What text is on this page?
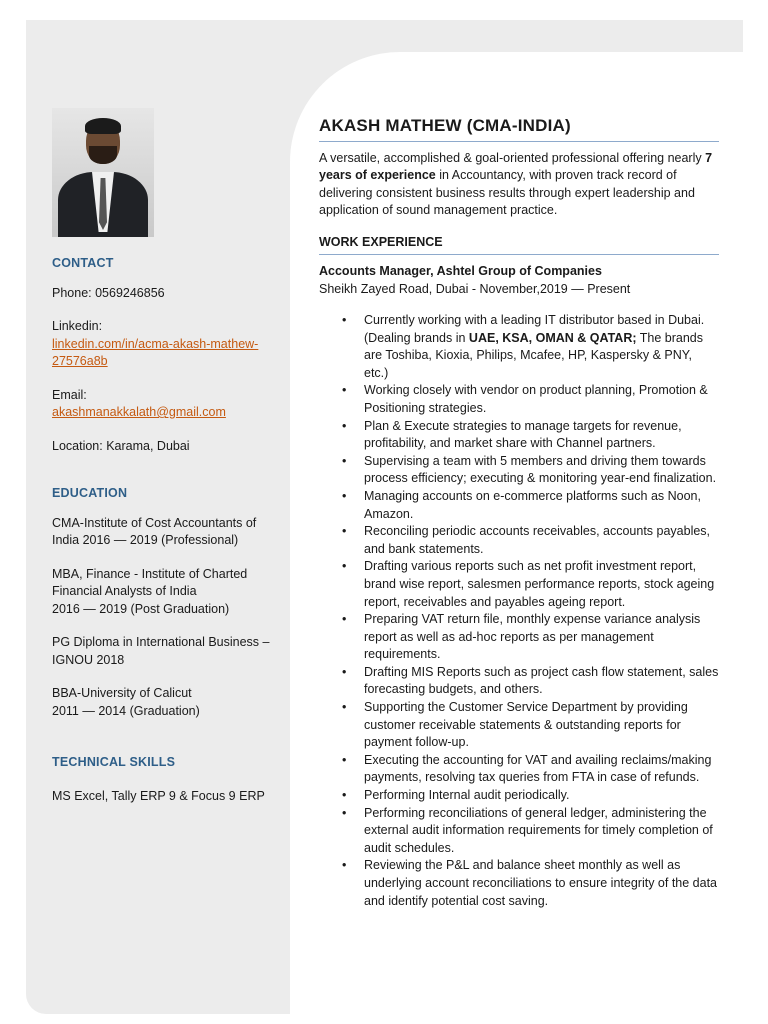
CONTACT

Phone: 0569246856

Linkedin:
linkedin.com/in/acma-akash-mathew-27576a8b

Email:
akashmanakkalath@gmail.com

Location: Karama, Dubai

EDUCATION

CMA-Institute of Cost Accountants of India 2016 — 2019 (Professional)

MBA, Finance - Institute of Charted Financial Analysts of India
2016 — 2019 (Post Graduation)

PG Diploma in International Business – IGNOU 2018

BBA-University of Calicut
2011 — 2014 (Graduation)

TECHNICAL SKILLS

MS Excel, Tally ERP 9 & Focus 9 ERP

AKASH MATHEW (CMA-INDIA)

A versatile, accomplished & goal-oriented professional offering nearly 7 years of experience in Accountancy, with proven track record of delivering consistent business results through expert leadership and application of sound management practice.

WORK EXPERIENCE
Accounts Manager, Ashtel Group of Companies
Sheikh Zayed Road, Dubai - November,2019 — Present
• Currently working with a leading IT distributor based in Dubai. (Dealing brands in UAE, KSA, OMAN & QATAR; The brands are Toshiba, Kioxia, Philips, Mcafee, HP, Kaspersky & PNY, etc.)
• Working closely with vendor on product planning, Promotion & Positioning strategies.
• Plan & Execute strategies to manage targets for revenue, profitability, and market share with Channel partners.
• Supervising a team with 5 members and driving them towards process efficiency; executing & monitoring year-end finalization.
• Managing accounts on e-commerce platforms such as Noon, Amazon.
• Reconciling periodic accounts receivables, accounts payables, and bank statements.
• Drafting various reports such as net profit investment report, brand wise report, salesmen performance reports, stock ageing report, receivables and payables ageing report.
• Preparing VAT return file, monthly expense variance analysis report as well as ad-hoc reports as per management requirements.
• Drafting MIS Reports such as project cash flow statement, sales forecasting budgets, and others.
• Supporting the Customer Service Department by providing customer receivable statements & outstanding reports for payment follow-up.
• Executing the accounting for VAT and availing reclaims/making payments, resolving tax queries from FTA in case of refunds.
• Performing Internal audit periodically.
• Performing reconciliations of general ledger, administering the external audit information requirements for timely completion of audit schedules.
• Reviewing the P&L and balance sheet monthly as well as underlying account reconciliations to ensure integrity of the data and identify potential cost saving.
